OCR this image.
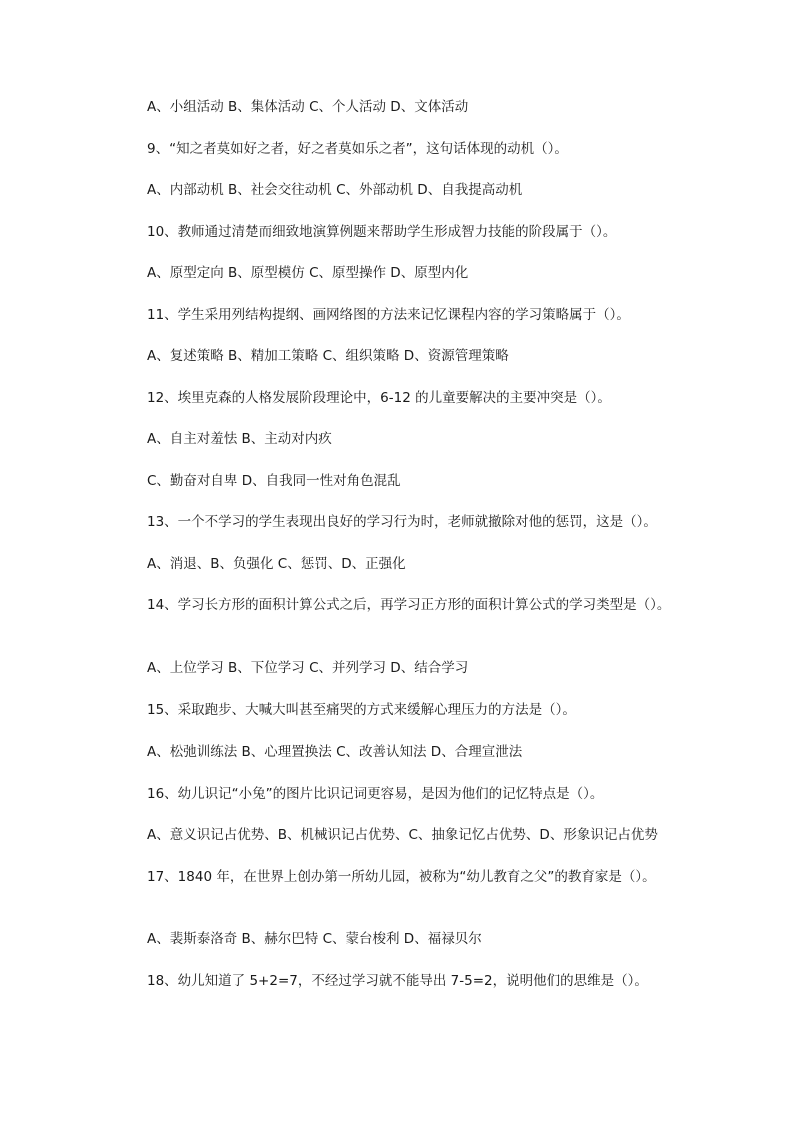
A、小组活动 B、集体活动 C、个人活动 D、文体活动
9、“知之者莫如好之者，好之者莫如乐之者”，这句话体现的动机（）。
A、内部动机 B、社会交往动机 C、外部动机 D、自我提高动机
10、教师通过清楚而细致地演算例题来帮助学生形成智力技能的阶段属于（）。
A、原型定向 B、原型模仿 C、原型操作 D、原型内化
11、学生采用列结构提纲、画网络图的方法来记忆课程内容的学习策略属于（）。
A、复述策略 B、精加工策略 C、组织策略 D、资源管理策略
12、埃里克森的人格发展阶段理论中，6-12 的儿童要解决的主要冲突是（）。
A、自主对羞怯 B、主动对内疚
C、勤奋对自卑 D、自我同一性对角色混乱
13、一个不学习的学生表现出良好的学习行为时，老师就撤除对他的惩罚，这是（）。
A、消退、B、负强化 C、惩罚、D、正强化
14、学习长方形的面积计算公式之后，再学习正方形的面积计算公式的学习类型是（）。
A、上位学习 B、下位学习 C、并列学习 D、结合学习
15、采取跑步、大喊大叫甚至痛哭的方式来缓解心理压力的方法是（）。
A、松弛训练法 B、心理置换法 C、改善认知法 D、合理宣泄法
16、幼儿识记“小兔”的图片比识记词更容易，是因为他们的记忆特点是（）。
A、意义识记占优势、B、机械识记占优势、C、抽象记忆占优势、D、形象识记占优势
17、1840 年，在世界上创办第一所幼儿园，被称为“幼儿教育之父”的教育家是（）。
A、裴斯泰洛奇 B、赫尔巴特 C、蒙台梭利 D、福禄贝尔
18、幼儿知道了 5+2=7，不经过学习就不能导出 7-5=2，说明他们的思维是（）。
